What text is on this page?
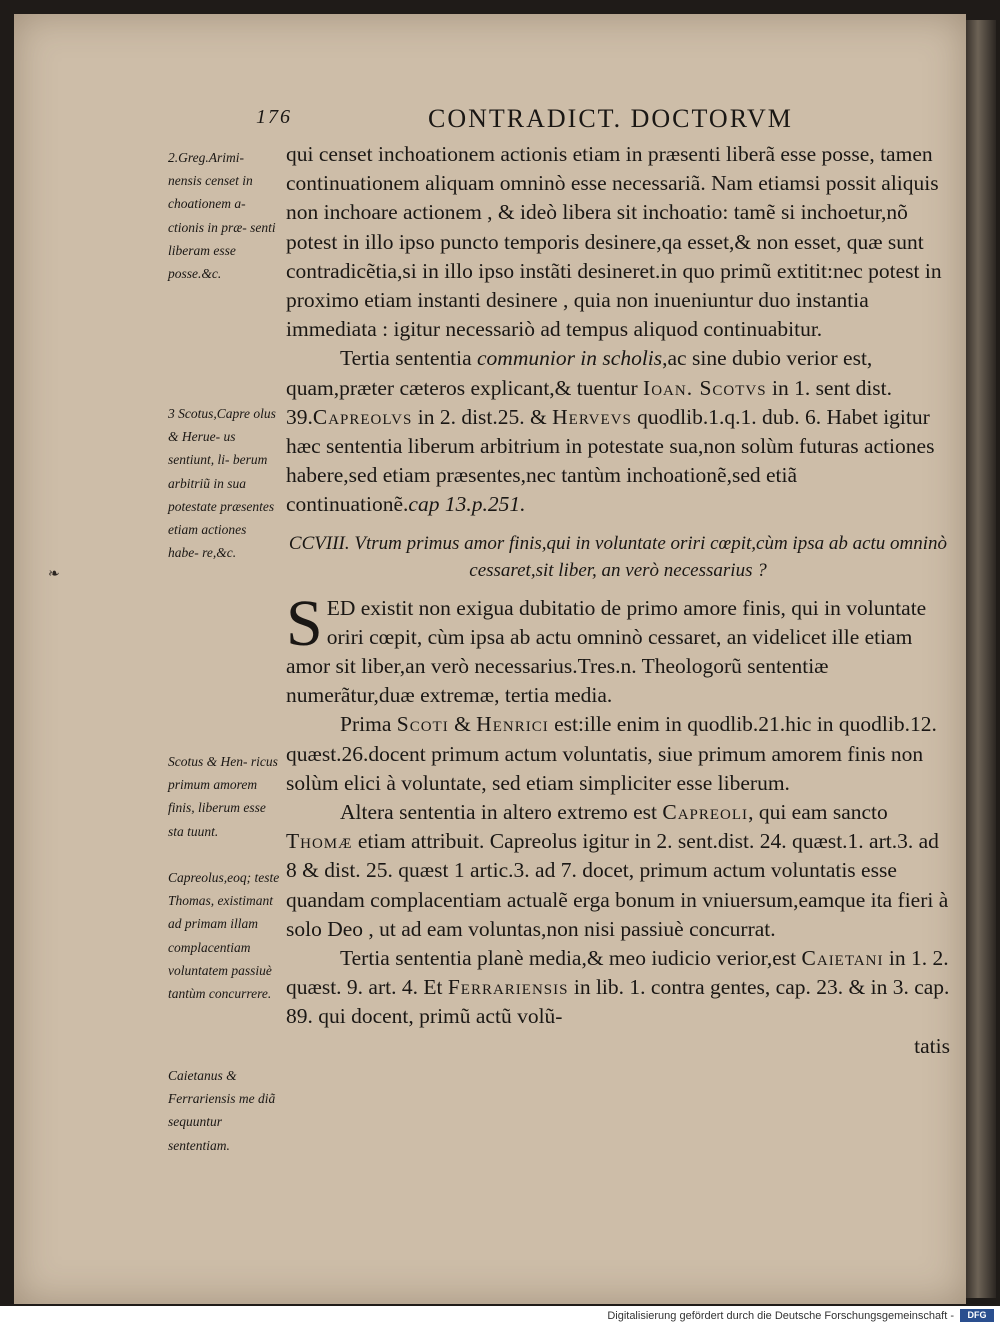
176	CONTRADICT. DOCTORVM
2.Greg.Arimi- nensis censet in choationem a- ctionis in præ- senti liberam esse posse.&c.
3 Scotus,Capre olus & Herue- us sentiunt, li- berum arbitriũ in sua potestate præsentes etiam actiones habe- re,&c.
Scotus & Hen- ricus primum amorem finis, liberum esse sta tuunt.
Capreolus,eoq; teste Thomas, existimant ad primam illam complacentiam voluntatem passiuè tantùm concurrere.
Caietanus & Ferrariensis me diã sequuntur sententiam.
❧

qui censet inchoationem actionis etiam in præsenti liberã esse posse, tamen continuationem aliquam omninò esse necessariã. Nam etiamsi possit aliquis non inchoare actionem , & ideò libera sit inchoatio: tamẽ si inchoetur,nõ potest in illo ipso puncto temporis desinere,qa esset,& non esset, quæ sunt contradicẽtia,si in illo ipso instãti desineret.in quo primũ extitit:nec potest in proximo etiam instanti desinere , quia non inueniuntur duo instantia immediata : igitur necessariò ad tempus aliquod continuabitur.

Tertia sententia communior in scholis,ac sine dubio verior est, quam,præter cæteros explicant,& tuentur Ioan. Scotvs in 1. sent dist. 39.Capreolvs in 2. dist.25. & Hervevs quodlib.1.q.1. dub. 6. Habet igitur hæc sententia liberum arbitrium in potestate sua,non solùm futuras actiones habere,sed etiam præsentes,nec tantùm inchoationẽ,sed etiã continuationẽ.cap 13.p.251.

CCVIII. Vtrum primus amor finis,qui in voluntate oriri cœpit,cùm ipsa ab actu omninò cessaret,sit liber, an verò necessarius ?

SED existit non exigua dubitatio de primo amore finis, qui in voluntate oriri cœpit, cùm ipsa ab actu omninò cessaret, an videlicet ille etiam amor sit liber,an verò necessarius.Tres.n. Theologorũ sententiæ numerãtur,duæ extremæ, tertia media.

Prima Scoti & Henrici est:ille enim in quodlib.21.hic in quodlib.12. quæst.26.docent primum actum voluntatis, siue primum amorem finis non solùm elici à voluntate, sed etiam simpliciter esse liberum.

Altera sententia in altero extremo est Capreoli, qui eam sancto Thomæ etiam attribuit. Capreolus igitur in 2. sent.dist. 24. quæst.1. art.3. ad 8 & dist. 25. quæst 1 artic.3. ad 7. docet, primum actum voluntatis esse quandam complacentiam actualẽ erga bonum in vniuersum,eamque ita fieri à solo Deo , ut ad eam voluntas,non nisi passiuè concurrat.

Tertia sententia planè media,& meo iudicio verior,est Caietani in 1. 2. quæst. 9. art. 4. Et Ferrariensis in lib. 1. contra gentes, cap. 23. & in 3. cap. 89. qui docent, primũ actũ volũ-

tatis

Digitalisierung gefördert durch die Deutsche Forschungsgemeinschaft -	DFG
